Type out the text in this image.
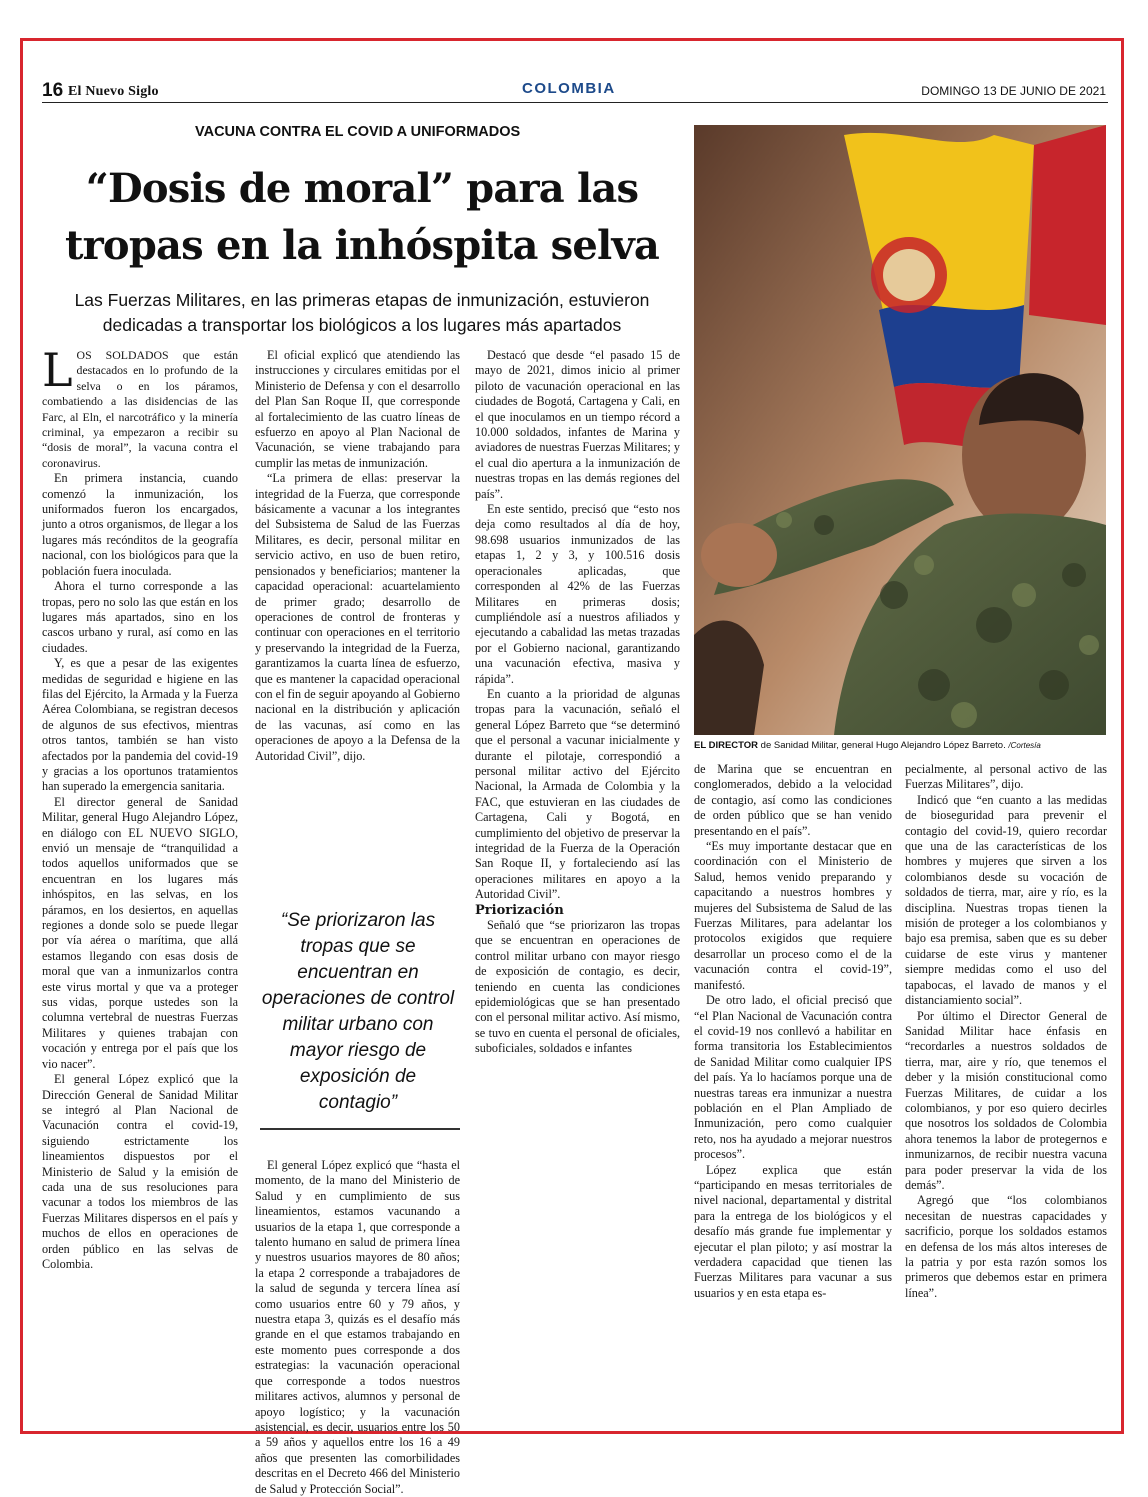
16 El Nuevo Siglo	COLOMBIA	DOMINGO 13 DE JUNIO DE 2021
VACUNA CONTRA EL COVID A UNIFORMADOS
“Dosis de moral” para las tropas en la inhóspita selva
Las Fuerzas Militares, en las primeras etapas de inmunización, estuvieron dedicadas a transportar los biológicos a los lugares más apartados
EL DIRECTOR de Sanidad Militar, general Hugo Alejandro López Barreto. /Cortesía

LOS SOLDADOS que están destacados en lo profundo de la selva o en los páramos, combatiendo a las disidencias de las Farc, al Eln, el narcotráfico y la minería criminal, ya empezaron a recibir su “dosis de moral”, la vacuna contra el coronavirus.

En primera instancia, cuando comenzó la inmunización, los uniformados fueron los encargados, junto a otros organismos, de llegar a los lugares más recónditos de la geografía nacional, con los biológicos para que la población fuera inoculada.

Ahora el turno corresponde a las tropas, pero no solo las que están en los lugares más apartados, sino en los cascos urbano y rural, así como en las ciudades.

Y, es que a pesar de las exigentes medidas de seguridad e higiene en las filas del Ejército, la Armada y la Fuerza Aérea Colombiana, se registran decesos de algunos de sus efectivos, mientras otros tantos, también se han visto afectados por la pandemia del covid-19 y gracias a los oportunos tratamientos han superado la emergencia sanitaria.

El director general de Sanidad Militar, general Hugo Alejandro López, en diálogo con EL NUEVO SIGLO, envió un mensaje de “tranquilidad a todos aquellos uniformados que se encuentran en los lugares más inhóspitos, en las selvas, en los páramos, en los desiertos, en aquellas regiones a donde solo se puede llegar por vía aérea o marítima, que allá estamos llegando con esas dosis de moral que van a inmunizarlos contra este virus mortal y que va a proteger sus vidas, porque ustedes son la columna vertebral de nuestras Fuerzas Militares y quienes trabajan con vocación y entrega por el país que los vio nacer”.

El general López explicó que la Dirección General de Sanidad Militar se integró al Plan Nacional de Vacunación contra el covid-19, siguiendo estrictamente los lineamientos dispuestos por el Ministerio de Salud y la emisión de cada una de sus resoluciones para vacunar a todos los miembros de las Fuerzas Militares dispersos en el país y muchos de ellos en operaciones de orden público en las selvas de Colombia.

El oficial explicó que atendiendo las instrucciones y circulares emitidas por el Ministerio de Defensa y con el desarrollo del Plan San Roque II, que corresponde al fortalecimiento de las cuatro líneas de esfuerzo en apoyo al Plan Nacional de Vacunación, se viene trabajando para cumplir las metas de inmunización.

“La primera de ellas: preservar la integridad de la Fuerza, que corresponde básicamente a vacunar a los integrantes del Subsistema de Salud de las Fuerzas Militares, es decir, personal militar en servicio activo, en uso de buen retiro, pensionados y beneficiarios; mantener la capacidad operacional: acuartelamiento de primer grado; desarrollo de operaciones de control de fronteras y continuar con operaciones en el territorio y preservando la integridad de la Fuerza, garantizamos la cuarta línea de esfuerzo, que es mantener la capacidad operacional con el fin de seguir apoyando al Gobierno nacional en la distribución y aplicación de las vacunas, así como en las operaciones de apoyo a la Defensa de la Autoridad Civil”, dijo.

“Se priorizaron las tropas que se encuentran en operaciones de control militar urbano con mayor riesgo de exposición de contagio”

El general López explicó que “hasta el momento, de la mano del Ministerio de Salud y en cumplimiento de sus lineamientos, estamos vacunando a usuarios de la etapa 1, que corresponde a talento humano en salud de primera línea y nuestros usuarios mayores de 80 años; la etapa 2 corresponde a trabajadores de la salud de segunda y tercera línea así como usuarios entre 60 y 79 años, y nuestra etapa 3, quizás es el desafío más grande en el que estamos trabajando en este momento pues corresponde a dos estrategias: la vacunación operacional que corresponde a todos nuestros militares activos, alumnos y personal de apoyo logístico; y la vacunación asistencial, es decir, usuarios entre los 50 a 59 años y aquellos entre los 16 a 49 años que presenten las comorbilidades descritas en el Decreto 466 del Ministerio de Salud y Protección Social”.

Destacó que desde “el pasado 15 de mayo de 2021, dimos inicio al primer piloto de vacunación operacional en las ciudades de Bogotá, Cartagena y Cali, en el que inoculamos en un tiempo récord a 10.000 soldados, infantes de Marina y aviadores de nuestras Fuerzas Militares; y el cual dio apertura a la inmunización de nuestras tropas en las demás regiones del país”.

En este sentido, precisó que “esto nos deja como resultados al día de hoy, 98.698 usuarios inmunizados de las etapas 1, 2 y 3, y 100.516 dosis operacionales aplicadas, que corresponden al 42% de las Fuerzas Militares en primeras dosis; cumpliéndole así a nuestros afiliados y ejecutando a cabalidad las metas trazadas por el Gobierno nacional, garantizando una vacunación efectiva, masiva y rápida”.

En cuanto a la prioridad de algunas tropas para la vacunación, señaló el general López Barreto que “se determinó que el personal a vacunar inicialmente y durante el pilotaje, correspondió a personal militar activo del Ejército Nacional, la Armada de Colombia y la FAC, que estuvieran en las ciudades de Cartagena, Cali y Bogotá, en cumplimiento del objetivo de preservar la integridad de la Fuerza de la Operación San Roque II, y fortaleciendo así las operaciones militares en apoyo a la Autoridad Civil”.

Priorización

Señaló que “se priorizaron las tropas que se encuentran en operaciones de control militar urbano con mayor riesgo de exposición de contagio, es decir, teniendo en cuenta las condiciones epidemiológicas que se han presentado con el personal militar activo. Así mismo, se tuvo en cuenta el personal de oficiales, suboficiales, soldados e infantes

de Marina que se encuentran en conglomerados, debido a la velocidad de contagio, así como las condiciones de orden público que se han venido presentando en el país”.

“Es muy importante destacar que en coordinación con el Ministerio de Salud, hemos venido preparando y capacitando a nuestros hombres y mujeres del Subsistema de Salud de las Fuerzas Militares, para adelantar los protocolos exigidos que requiere desarrollar un proceso como el de la vacunación contra el covid-19”, manifestó.

De otro lado, el oficial precisó que “el Plan Nacional de Vacunación contra el covid-19 nos conllevó a habilitar en forma transitoria los Establecimientos de Sanidad Militar como cualquier IPS del país. Ya lo hacíamos porque una de nuestras tareas era inmunizar a nuestra población en el Plan Ampliado de Inmunización, pero como cualquier reto, nos ha ayudado a mejorar nuestros procesos”.

López explica que están “participando en mesas territoriales de nivel nacional, departamental y distrital para la entrega de los biológicos y el desafío más grande fue implementar y ejecutar el plan piloto; y así mostrar la verdadera capacidad que tienen las Fuerzas Militares para vacunar a sus usuarios y en esta etapa es-

pecialmente, al personal activo de las Fuerzas Militares”, dijo.

Indicó que “en cuanto a las medidas de bioseguridad para prevenir el contagio del covid-19, quiero recordar que una de las características de los hombres y mujeres que sirven a los colombianos desde su vocación de soldados de tierra, mar, aire y río, es la disciplina. Nuestras tropas tienen la misión de proteger a los colombianos y bajo esa premisa, saben que es su deber cuidarse de este virus y mantener siempre medidas como el uso del tapabocas, el lavado de manos y el distanciamiento social”.

Por último el Director General de Sanidad Militar hace énfasis en “recordarles a nuestros soldados de tierra, mar, aire y río, que tenemos el deber y la misión constitucional como Fuerzas Militares, de cuidar a los colombianos, y por eso quiero decirles que nosotros los soldados de Colombia ahora tenemos la labor de protegernos e inmunizarnos, de recibir nuestra vacuna para poder preservar la vida de los demás”.

Agregó que “los colombianos necesitan de nuestras capacidades y sacrificio, porque los soldados estamos en defensa de los más altos intereses de la patria y por esta razón somos los primeros que debemos estar en primera línea”.
